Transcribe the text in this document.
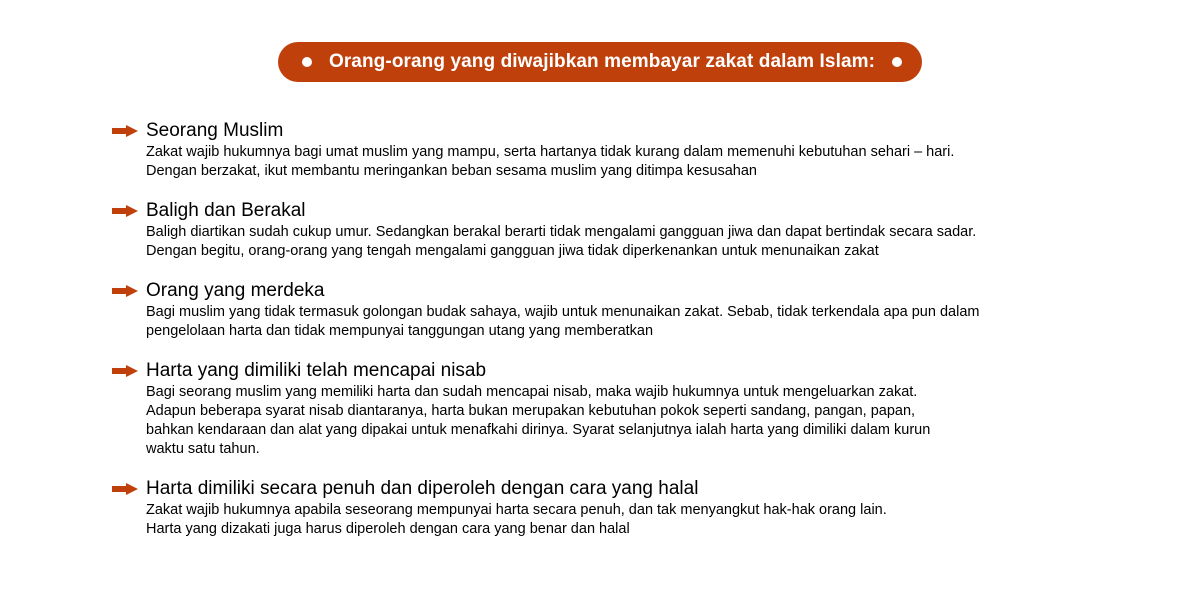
Orang-orang yang diwajibkan membayar zakat dalam Islam:
Seorang Muslim
Zakat wajib hukumnya bagi umat muslim yang mampu, serta hartanya tidak kurang dalam memenuhi kebutuhan sehari – hari.
Dengan berzakat, ikut membantu meringankan beban sesama muslim yang ditimpa kesusahan
Baligh dan Berakal
Baligh diartikan sudah cukup umur. Sedangkan berakal berarti tidak mengalami gangguan jiwa dan dapat bertindak secara sadar.
Dengan begitu, orang-orang yang tengah mengalami gangguan jiwa tidak diperkenankan untuk menunaikan zakat
Orang yang merdeka
Bagi muslim yang tidak termasuk golongan budak sahaya, wajib untuk menunaikan zakat. Sebab, tidak terkendala apa pun dalam
pengelolaan harta dan tidak mempunyai tanggungan utang yang memberatkan
Harta yang dimiliki telah mencapai nisab
Bagi seorang muslim yang memiliki harta dan sudah mencapai nisab, maka wajib hukumnya untuk mengeluarkan zakat.
Adapun beberapa syarat nisab diantaranya, harta bukan merupakan kebutuhan pokok seperti sandang, pangan, papan,
bahkan kendaraan dan alat yang dipakai untuk menafkahi dirinya. Syarat selanjutnya ialah harta yang dimiliki dalam kurun
waktu satu tahun.
Harta dimiliki secara penuh dan diperoleh dengan cara yang halal
Zakat wajib hukumnya apabila seseorang mempunyai harta secara penuh, dan tak menyangkut hak-hak orang lain.
Harta yang dizakati juga harus diperoleh dengan cara yang benar dan halal
